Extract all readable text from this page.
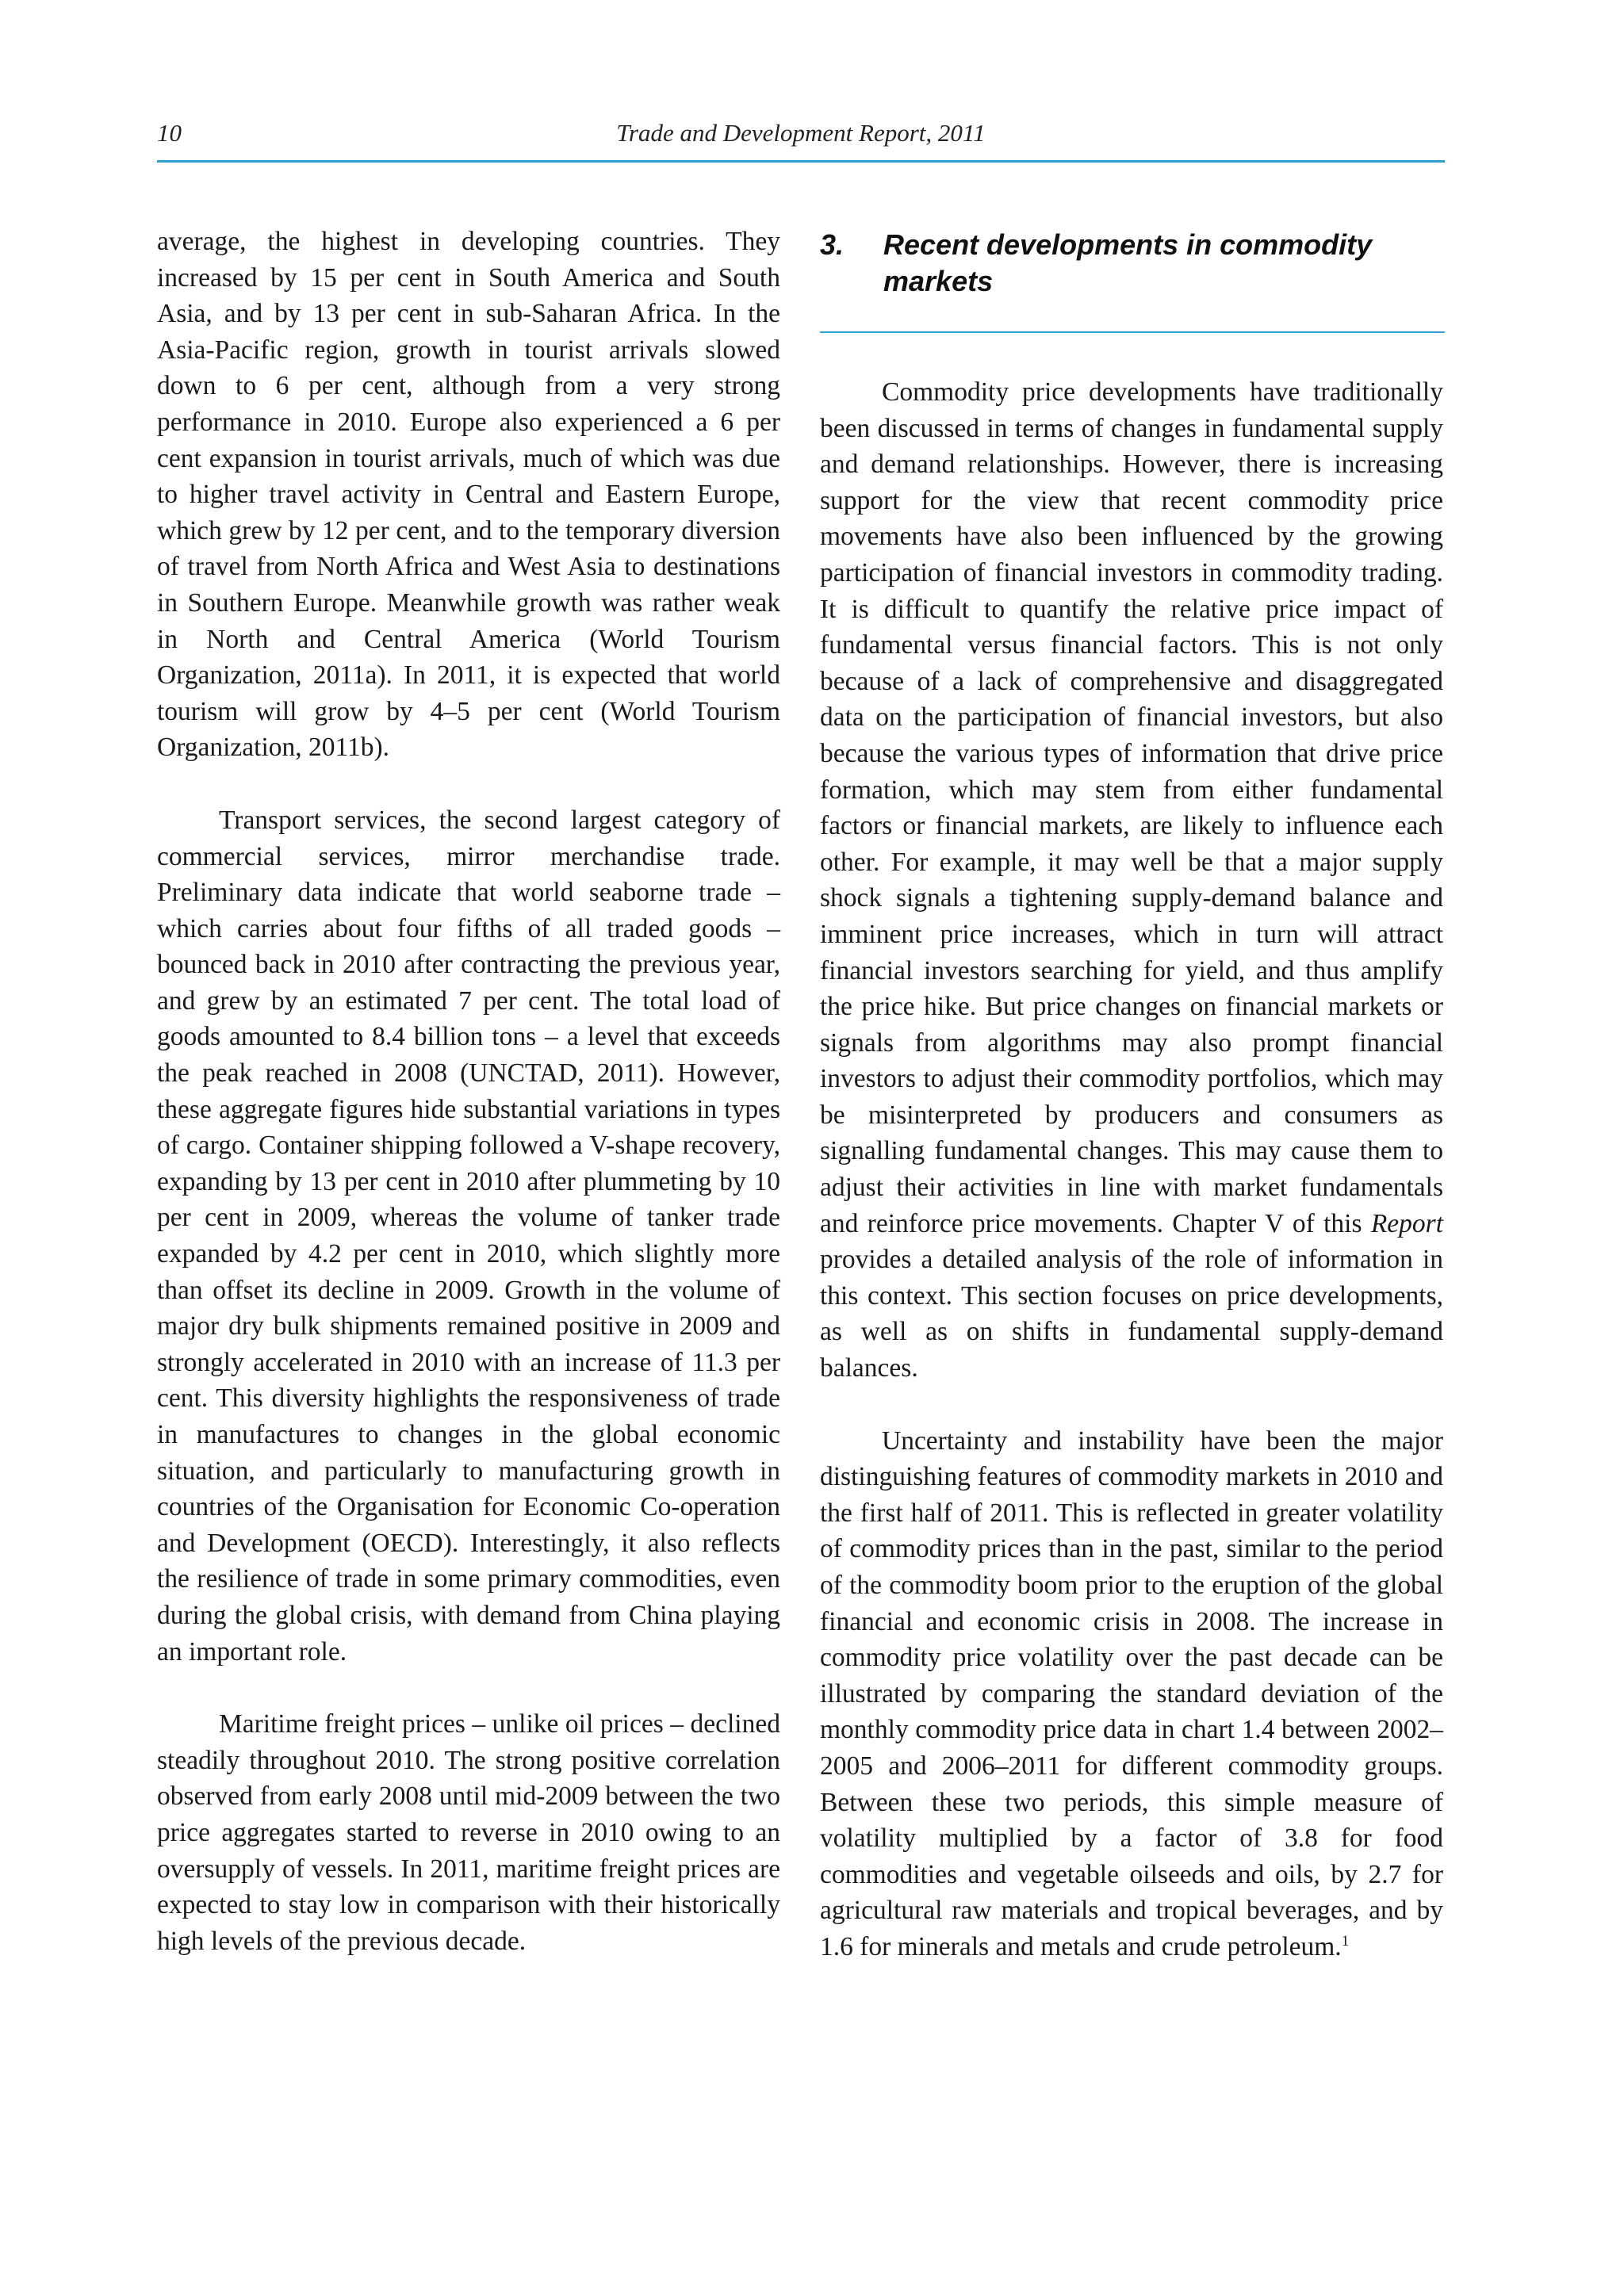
10	Trade and Development Report, 2011

average, the highest in developing countries. They increased by 15 per cent in South America and South Asia, and by 13 per cent in sub-Saharan Africa. In the Asia-Pacific region, growth in tourist arrivals slowed down to 6 per cent, although from a very strong performance in 2010. Europe also experienced a 6 per cent expansion in tourist arrivals, much of which was due to higher travel activity in Central and Eastern Europe, which grew by 12 per cent, and to the temporary diversion of travel from North Africa and West Asia to destinations in Southern Europe. Meanwhile growth was rather weak in North and Central America (World Tourism Organization, 2011a). In 2011, it is expected that world tourism will grow by 4–5 per cent (World Tourism Organization, 2011b).

Transport services, the second largest category of commercial services, mirror merchandise trade. Preliminary data indicate that world seaborne trade – which carries about four fifths of all traded goods – bounced back in 2010 after contracting the previous year, and grew by an estimated 7 per cent. The total load of goods amounted to 8.4 billion tons – a level that exceeds the peak reached in 2008 (UNCTAD, 2011). However, these aggregate figures hide substantial variations in types of cargo. Container shipping followed a V-shape recovery, expanding by 13 per cent in 2010 after plummeting by 10 per cent in 2009, whereas the volume of tanker trade expanded by 4.2 per cent in 2010, which slightly more than offset its decline in 2009. Growth in the volume of major dry bulk shipments remained positive in 2009 and strongly accelerated in 2010 with an increase of 11.3 per cent. This diversity highlights the responsiveness of trade in manufactures to changes in the global economic situation, and particularly to manufacturing growth in countries of the Organisation for Economic Co-operation and Development (OECD). Interestingly, it also reflects the resilience of trade in some primary commodities, even during the global crisis, with demand from China playing an important role.

Maritime freight prices – unlike oil prices – declined steadily throughout 2010. The strong positive correlation observed from early 2008 until mid-2009 between the two price aggregates started to reverse in 2010 owing to an oversupply of vessels. In 2011, maritime freight prices are expected to stay low in comparison with their historically high levels of the previous decade.

3. Recent developments in commodity markets

Commodity price developments have traditionally been discussed in terms of changes in fundamental supply and demand relationships. However, there is increasing support for the view that recent commodity price movements have also been influenced by the growing participation of financial investors in commodity trading. It is difficult to quantify the relative price impact of fundamental versus financial factors. This is not only because of a lack of comprehensive and disaggregated data on the participation of financial investors, but also because the various types of information that drive price formation, which may stem from either fundamental factors or financial markets, are likely to influence each other. For example, it may well be that a major supply shock signals a tightening supply-demand balance and imminent price increases, which in turn will attract financial investors searching for yield, and thus amplify the price hike. But price changes on financial markets or signals from algorithms may also prompt financial investors to adjust their commodity portfolios, which may be misinterpreted by producers and consumers as signalling fundamental changes. This may cause them to adjust their activities in line with market fundamentals and reinforce price movements. Chapter V of this Report provides a detailed analysis of the role of information in this context. This section focuses on price developments, as well as on shifts in fundamental supply-demand balances.

Uncertainty and instability have been the major distinguishing features of commodity markets in 2010 and the first half of 2011. This is reflected in greater volatility of commodity prices than in the past, similar to the period of the commodity boom prior to the eruption of the global financial and economic crisis in 2008. The increase in commodity price volatility over the past decade can be illustrated by comparing the standard deviation of the monthly commodity price data in chart 1.4 between 2002–2005 and 2006–2011 for different commodity groups. Between these two periods, this simple measure of volatility multiplied by a factor of 3.8 for food commodities and vegetable oilseeds and oils, by 2.7 for agricultural raw materials and tropical beverages, and by 1.6 for minerals and metals and crude petroleum.$^1$
